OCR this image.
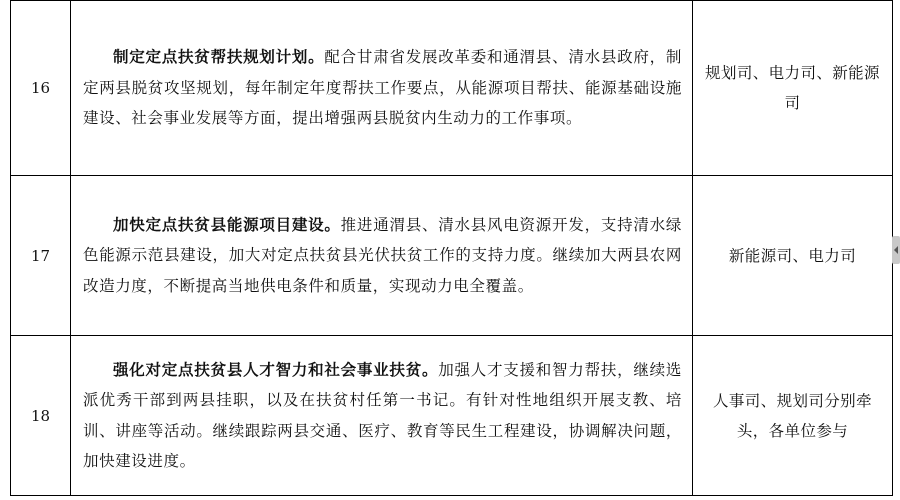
16	制定定点扶贫帮扶规划计划。配合甘肃省发展改革委和通渭县、清水县政府，制定两县脱贫攻坚规划，每年制定年度帮扶工作要点，从能源项目帮扶、能源基础设施建设、社会事业发展等方面，提出增强两县脱贫内生动力的工作事项。	规划司、电力司、新能源司
17	加快定点扶贫县能源项目建设。推进通渭县、清水县风电资源开发，支持清水绿色能源示范县建设，加大对定点扶贫县光伏扶贫工作的支持力度。继续加大两县农网改造力度，不断提高当地供电条件和质量，实现动力电全覆盖。	新能源司、电力司
18	强化对定点扶贫县人才智力和社会事业扶贫。加强人才支援和智力帮扶，继续选派优秀干部到两县挂职，以及在扶贫村任第一书记。有针对性地组织开展支教、培训、讲座等活动。继续跟踪两县交通、医疗、教育等民生工程建设，协调解决问题，加快建设进度。	人事司、规划司分别牵头，各单位参与
